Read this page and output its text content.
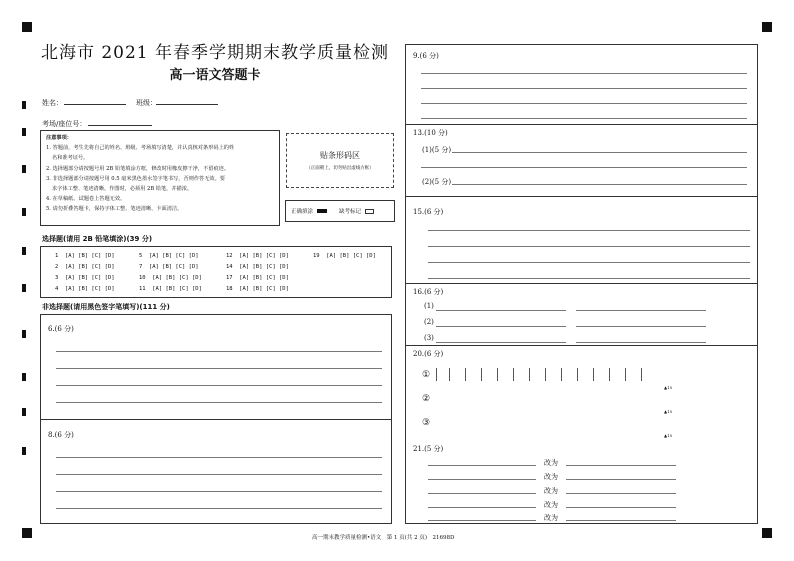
北海市 2021 年春季学期期末教学质量检测
高一语文答题卡
姓名：	班级：
考场/座位号：

注意事项：

1. 答题前，考生先将自己的姓名、班级、考场填写清楚，并认真核对条形码上的姓

名和准考证号。

2. 选择题部分请按题号用 2B 铅笔填涂方框，修改时用橡皮擦干净，不留痕迹。

3. 非选择题部分请按题号用 0.5 毫米黑色墨水签字笔书写，否则作答无效。要

求字体工整、笔迹清晰。作图时，必须用 2B 铅笔，并描浓。

4. 在草稿纸、试题卷上答题无效。

5. 请勿折叠答题卡，保持字体工整、笔迹清晰、卡面清洁。

贴条形码区
（正面朝上，切勿贴出虚线方框）
正确填涂	缺考标记
选择题(请用 2B 铅笔填涂)(39 分)
1 [A] [B] [C] [D]
2 [A] [B] [C] [D]
3 [A] [B] [C] [D]
4 [A] [B] [C] [D]
5 [A] [B] [C] [D]
7 [A] [B] [C] [D]
10 [A] [B] [C] [D]
11 [A] [B] [C] [D]
12 [A] [B] [C] [D]
14 [A] [B] [C] [D]
17 [A] [B] [C] [D]
18 [A] [B] [C] [D]
19 [A] [B] [C] [D]
非选择题(请用黑色签字笔填写)(111 分)
6.(6 分)
8.(6 分)
9.(6 分)
13.(10 分)
(1)(5 分)
(2)(5 分)
15.(6 分)
16.(6 分)
(1)
(2)
(3)
20.(6 分)
①
▲15
②
▲15
③
▲15
21.(5 分)
改为
改为
改为
改为
改为
高一期末教学质量检测•语文　第 1 页(共 2 页)　21698D
